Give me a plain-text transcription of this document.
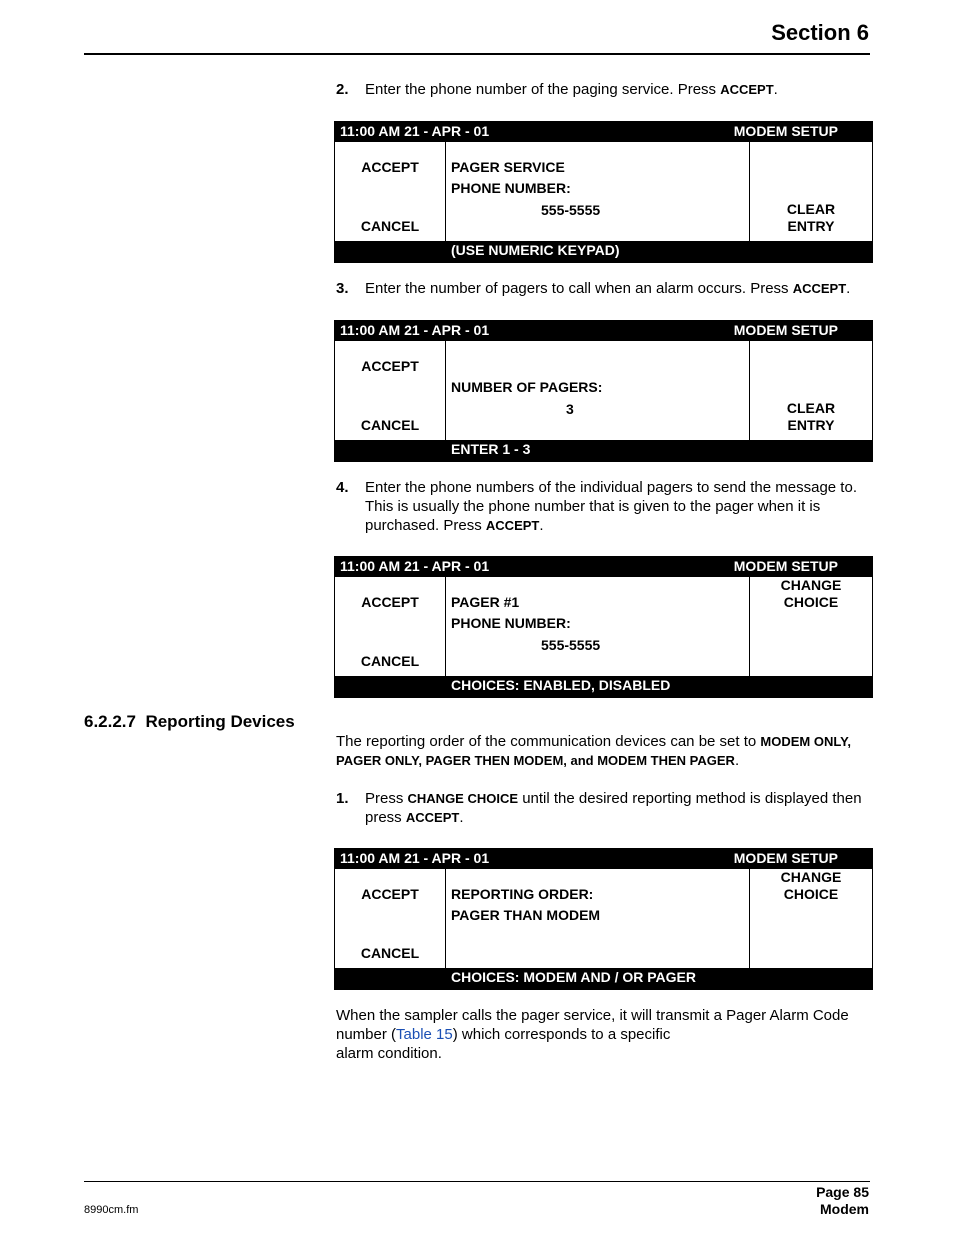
Section 6
2. Enter the phone number of the paging service. Press ACCEPT.
11:00 AM 21 - APR - 01	MODEM SETUP
ACCEPT
CANCEL
PAGER SERVICE
PHONE NUMBER:
555-5555	CLEAR
ENTRY
(USE NUMERIC KEYPAD)
3. Enter the number of pagers to call when an alarm occurs. Press ACCEPT.
11:00 AM 21 - APR - 01	MODEM SETUP
ACCEPT
CANCEL
NUMBER OF PAGERS:
3	CLEAR
ENTRY
ENTER 1 - 3
4. Enter the phone numbers of the individual pagers to send the message to. This is usually the phone number that is given to the pager when it is purchased. Press ACCEPT.
11:00 AM 21 - APR - 01	MODEM SETUP
ACCEPT
CANCEL
PAGER #1
PHONE NUMBER:
555-5555
CHANGE
CHOICE
CHOICES: ENABLED, DISABLED
6.2.2.7 Reporting Devices
The reporting order of the communication devices can be set to MODEM ONLY, PAGER ONLY, PAGER THEN MODEM, and MODEM THEN PAGER.
1. Press CHANGE CHOICE until the desired reporting method is displayed then press ACCEPT.
11:00 AM 21 - APR - 01	MODEM SETUP
ACCEPT
CANCEL
REPORTING ORDER:
PAGER THAN MODEM
CHANGE
CHOICE
CHOICES: MODEM AND / OR PAGER
When the sampler calls the pager service, it will transmit a Pager Alarm Code number (Table 15) which corresponds to a specific
alarm condition.
8990cm.fm
Page 85
Modem
